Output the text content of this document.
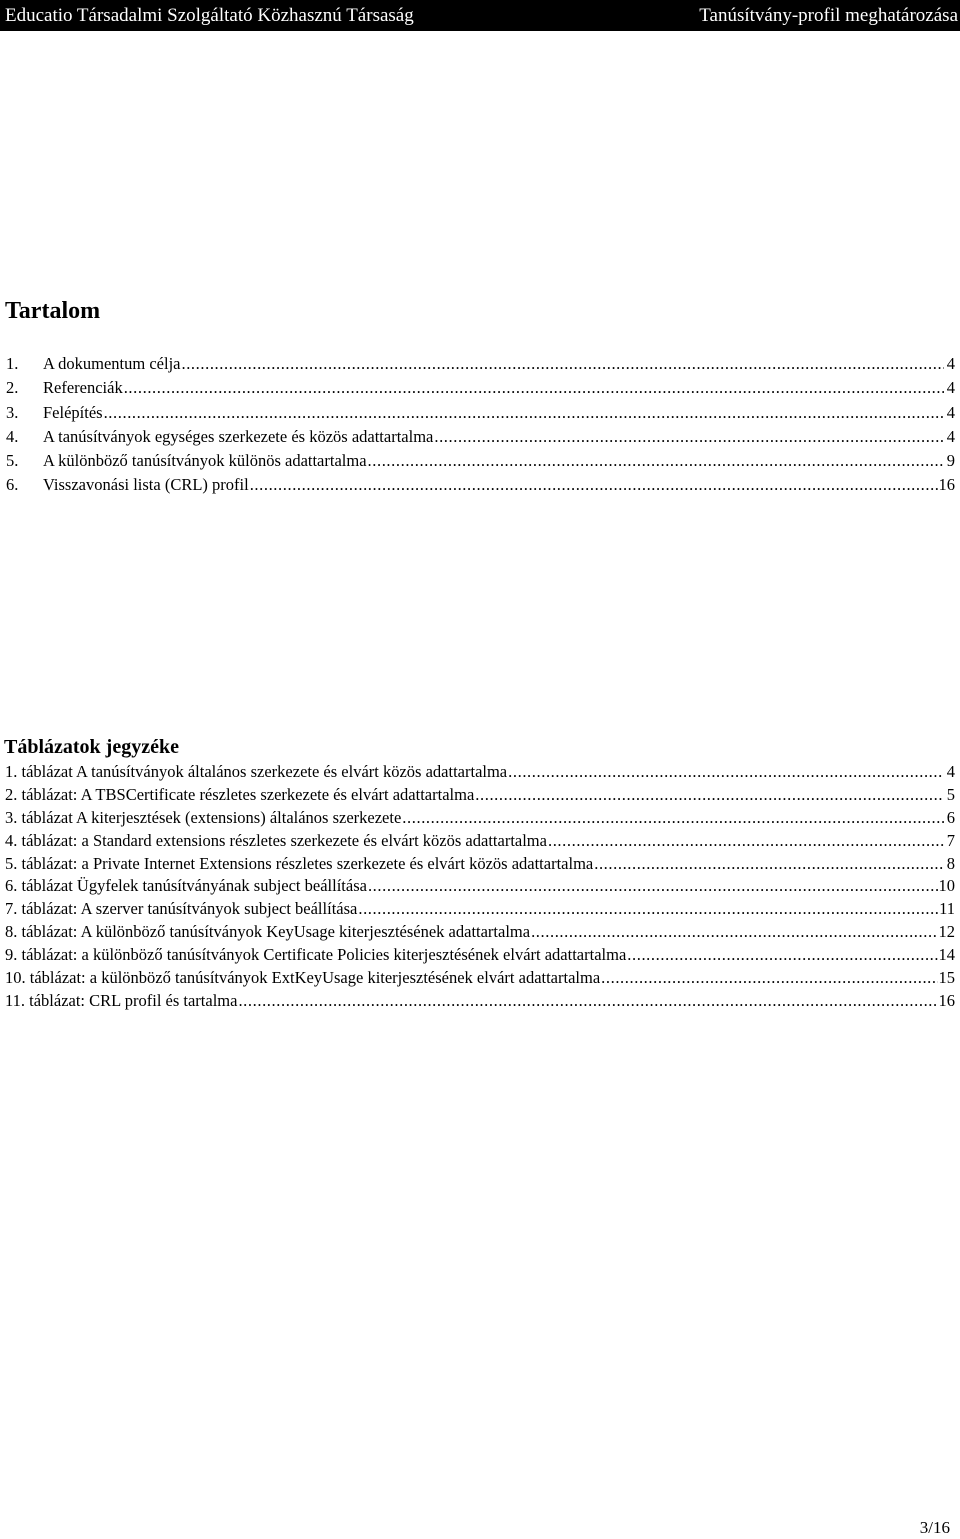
Educatio Társadalmi Szolgáltató Közhasznú Társaság	Tanúsítvány-profil meghatározása
Tartalom
1.	A dokumentum célja .....	4
2.	Referenciák .....	4
3.	Felépítés .....	4
4.	A tanúsítványok egységes szerkezete és közös adattartalma .....	4
5.	A különböző tanúsítványok különös adattartalma .....	9
6.	Visszavonási lista (CRL) profil .....	16
Táblázatok jegyzéke
1. táblázat A tanúsítványok általános szerkezete és elvárt közös adattartalma .....	4
2. táblázat: A TBSCertificate részletes szerkezete és elvárt adattartalma .....	5
3. táblázat A kiterjesztések (extensions) általános szerkezete .....	6
4. táblázat: a Standard extensions részletes szerkezete és elvárt közös adattartalma .....	7
5. táblázat: a Private Internet Extensions részletes szerkezete és elvárt közös adattartalma .....	8
6. táblázat Ügyfelek tanúsítványának subject beállítása .....	10
7. táblázat: A szerver tanúsítványok subject beállítása .....	11
8. táblázat: A különböző tanúsítványok KeyUsage kiterjesztésének adattartalma .....	12
9. táblázat: a különböző tanúsítványok Certificate Policies kiterjesztésének elvárt adattartalma .....	14
10. táblázat: a különböző tanúsítványok ExtKeyUsage kiterjesztésének elvárt adattartalma .....	15
11. táblázat: CRL profil és tartalma .....	16
3/16
